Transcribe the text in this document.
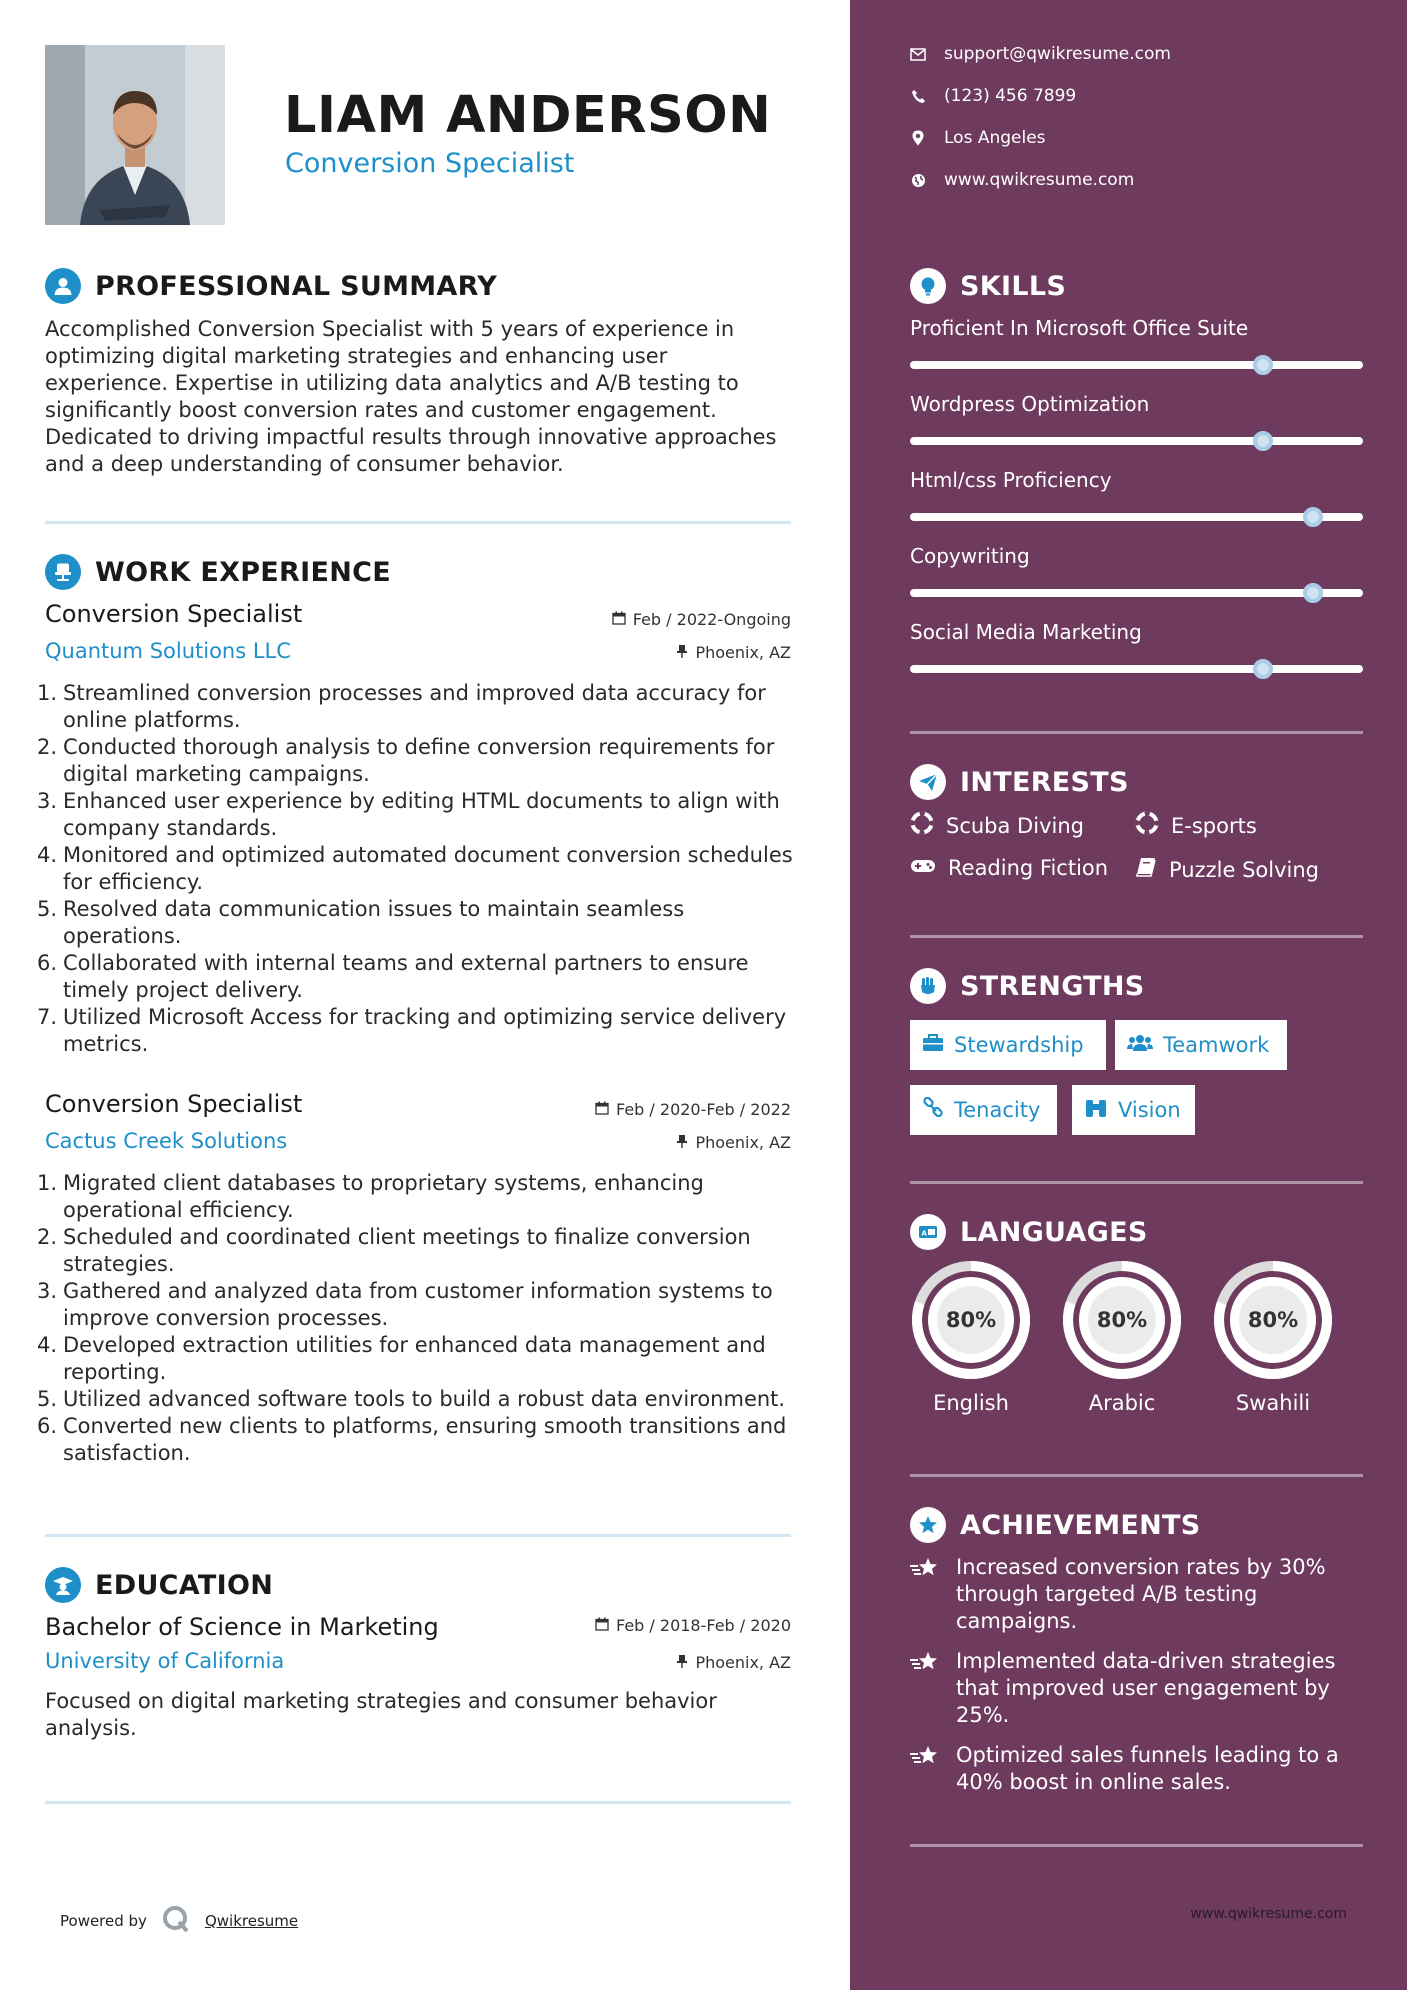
LIAM ANDERSON
Conversion Specialist
PROFESSIONAL SUMMARY
Accomplished Conversion Specialist with 5 years of experience in optimizing digital marketing strategies and enhancing user experience. Expertise in utilizing data analytics and A/B testing to significantly boost conversion rates and customer engagement. Dedicated to driving impactful results through innovative approaches and a deep understanding of consumer behavior.
WORK EXPERIENCE
Conversion Specialist	Feb / 2022-Ongoing
Quantum Solutions LLC	Phoenix, AZ
1. Streamlined conversion processes and improved data accuracy for online platforms.
2. Conducted thorough analysis to define conversion requirements for digital marketing campaigns.
3. Enhanced user experience by editing HTML documents to align with company standards.
4. Monitored and optimized automated document conversion schedules for efficiency.
5. Resolved data communication issues to maintain seamless operations.
6. Collaborated with internal teams and external partners to ensure timely project delivery.
7. Utilized Microsoft Access for tracking and optimizing service delivery metrics.
Conversion Specialist	Feb / 2020-Feb / 2022
Cactus Creek Solutions	Phoenix, AZ
1. Migrated client databases to proprietary systems, enhancing operational efficiency.
2. Scheduled and coordinated client meetings to finalize conversion strategies.
3. Gathered and analyzed data from customer information systems to improve conversion processes.
4. Developed extraction utilities for enhanced data management and reporting.
5. Utilized advanced software tools to build a robust data environment.
6. Converted new clients to platforms, ensuring smooth transitions and satisfaction.
EDUCATION
Bachelor of Science in Marketing	Feb / 2018-Feb / 2020
University of California	Phoenix, AZ
Focused on digital marketing strategies and consumer behavior analysis.
Powered by	Qwikresume
support@qwikresume.com
(123) 456 7899
Los Angeles
www.qwikresume.com
SKILLS
Proficient In Microsoft Office Suite
Wordpress Optimization
Html/css Proficiency
Copywriting
Social Media Marketing
INTERESTS
Scuba Diving	E-sports
Reading Fiction	Puzzle Solving
STRENGTHS
Stewardship	Teamwork
Tenacity	Vision
A LANGUAGES
80%
English
80%
Arabic
80%
Swahili
ACHIEVEMENTS
Increased conversion rates by 30% through targeted A/B testing campaigns.
Implemented data-driven strategies that improved user engagement by 25%.
Optimized sales funnels leading to a 40% boost in online sales.
www.qwikresume.com
